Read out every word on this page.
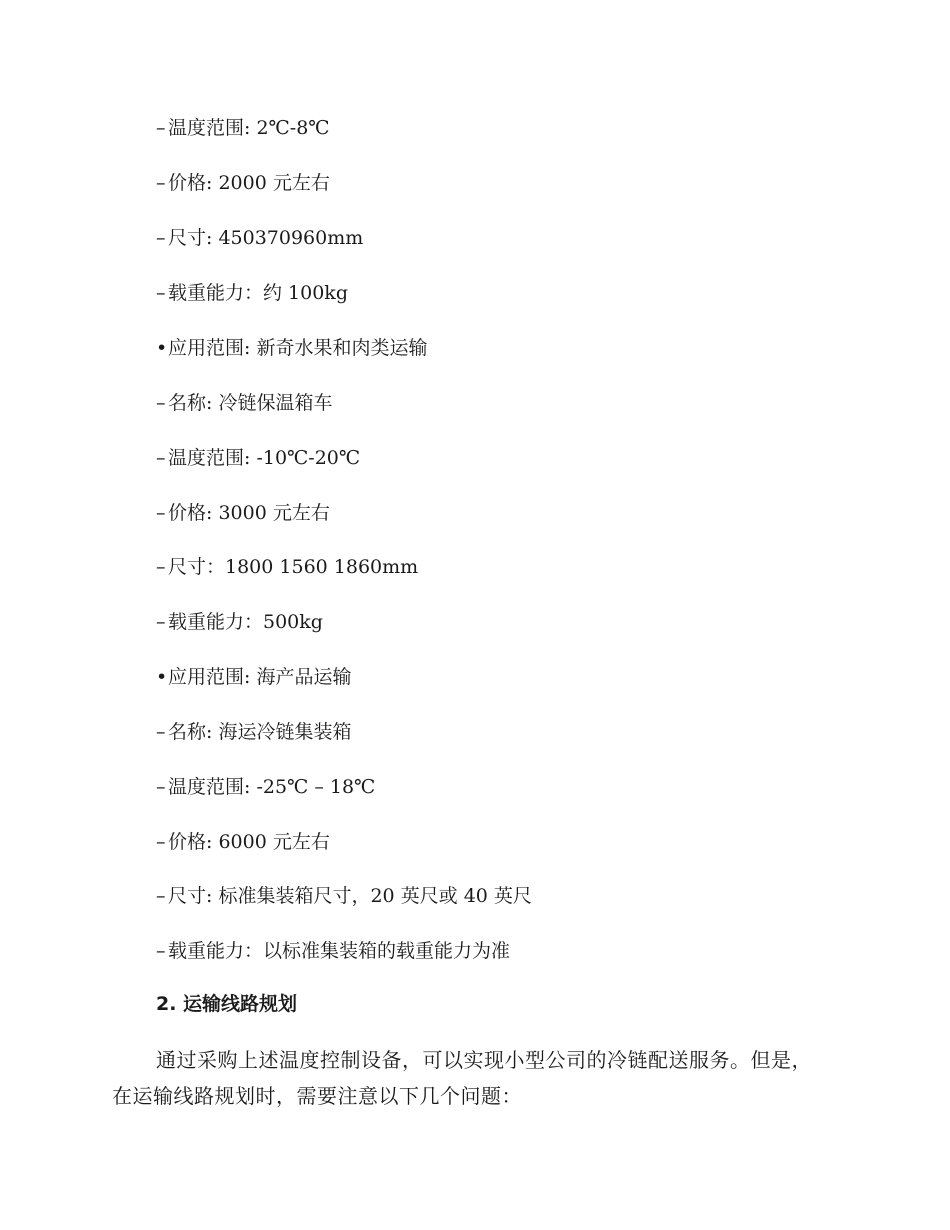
– 温度范围: 2℃-8℃
– 价格: 2000 元左右
– 尺寸: 450370960mm
– 载重能力：约 100kg
•应用范围: 新奇水果和肉类运输
– 名称: 冷链保温箱车
– 温度范围: -10℃-20℃
– 价格: 3000 元左右
– 尺寸：1800 1560 1860mm
– 载重能力：500kg
•应用范围: 海产品运输
– 名称: 海运冷链集装箱
– 温度范围: -25℃ – 18℃
– 价格: 6000 元左右
– 尺寸: 标准集装箱尺寸，20 英尺或 40 英尺
– 载重能力：以标准集装箱的载重能力为准
2. 运输线路规划
通过采购上述温度控制设备，可以实现小型公司的冷链配送服务。但是，在运输线路规划时，需要注意以下几个问题：
